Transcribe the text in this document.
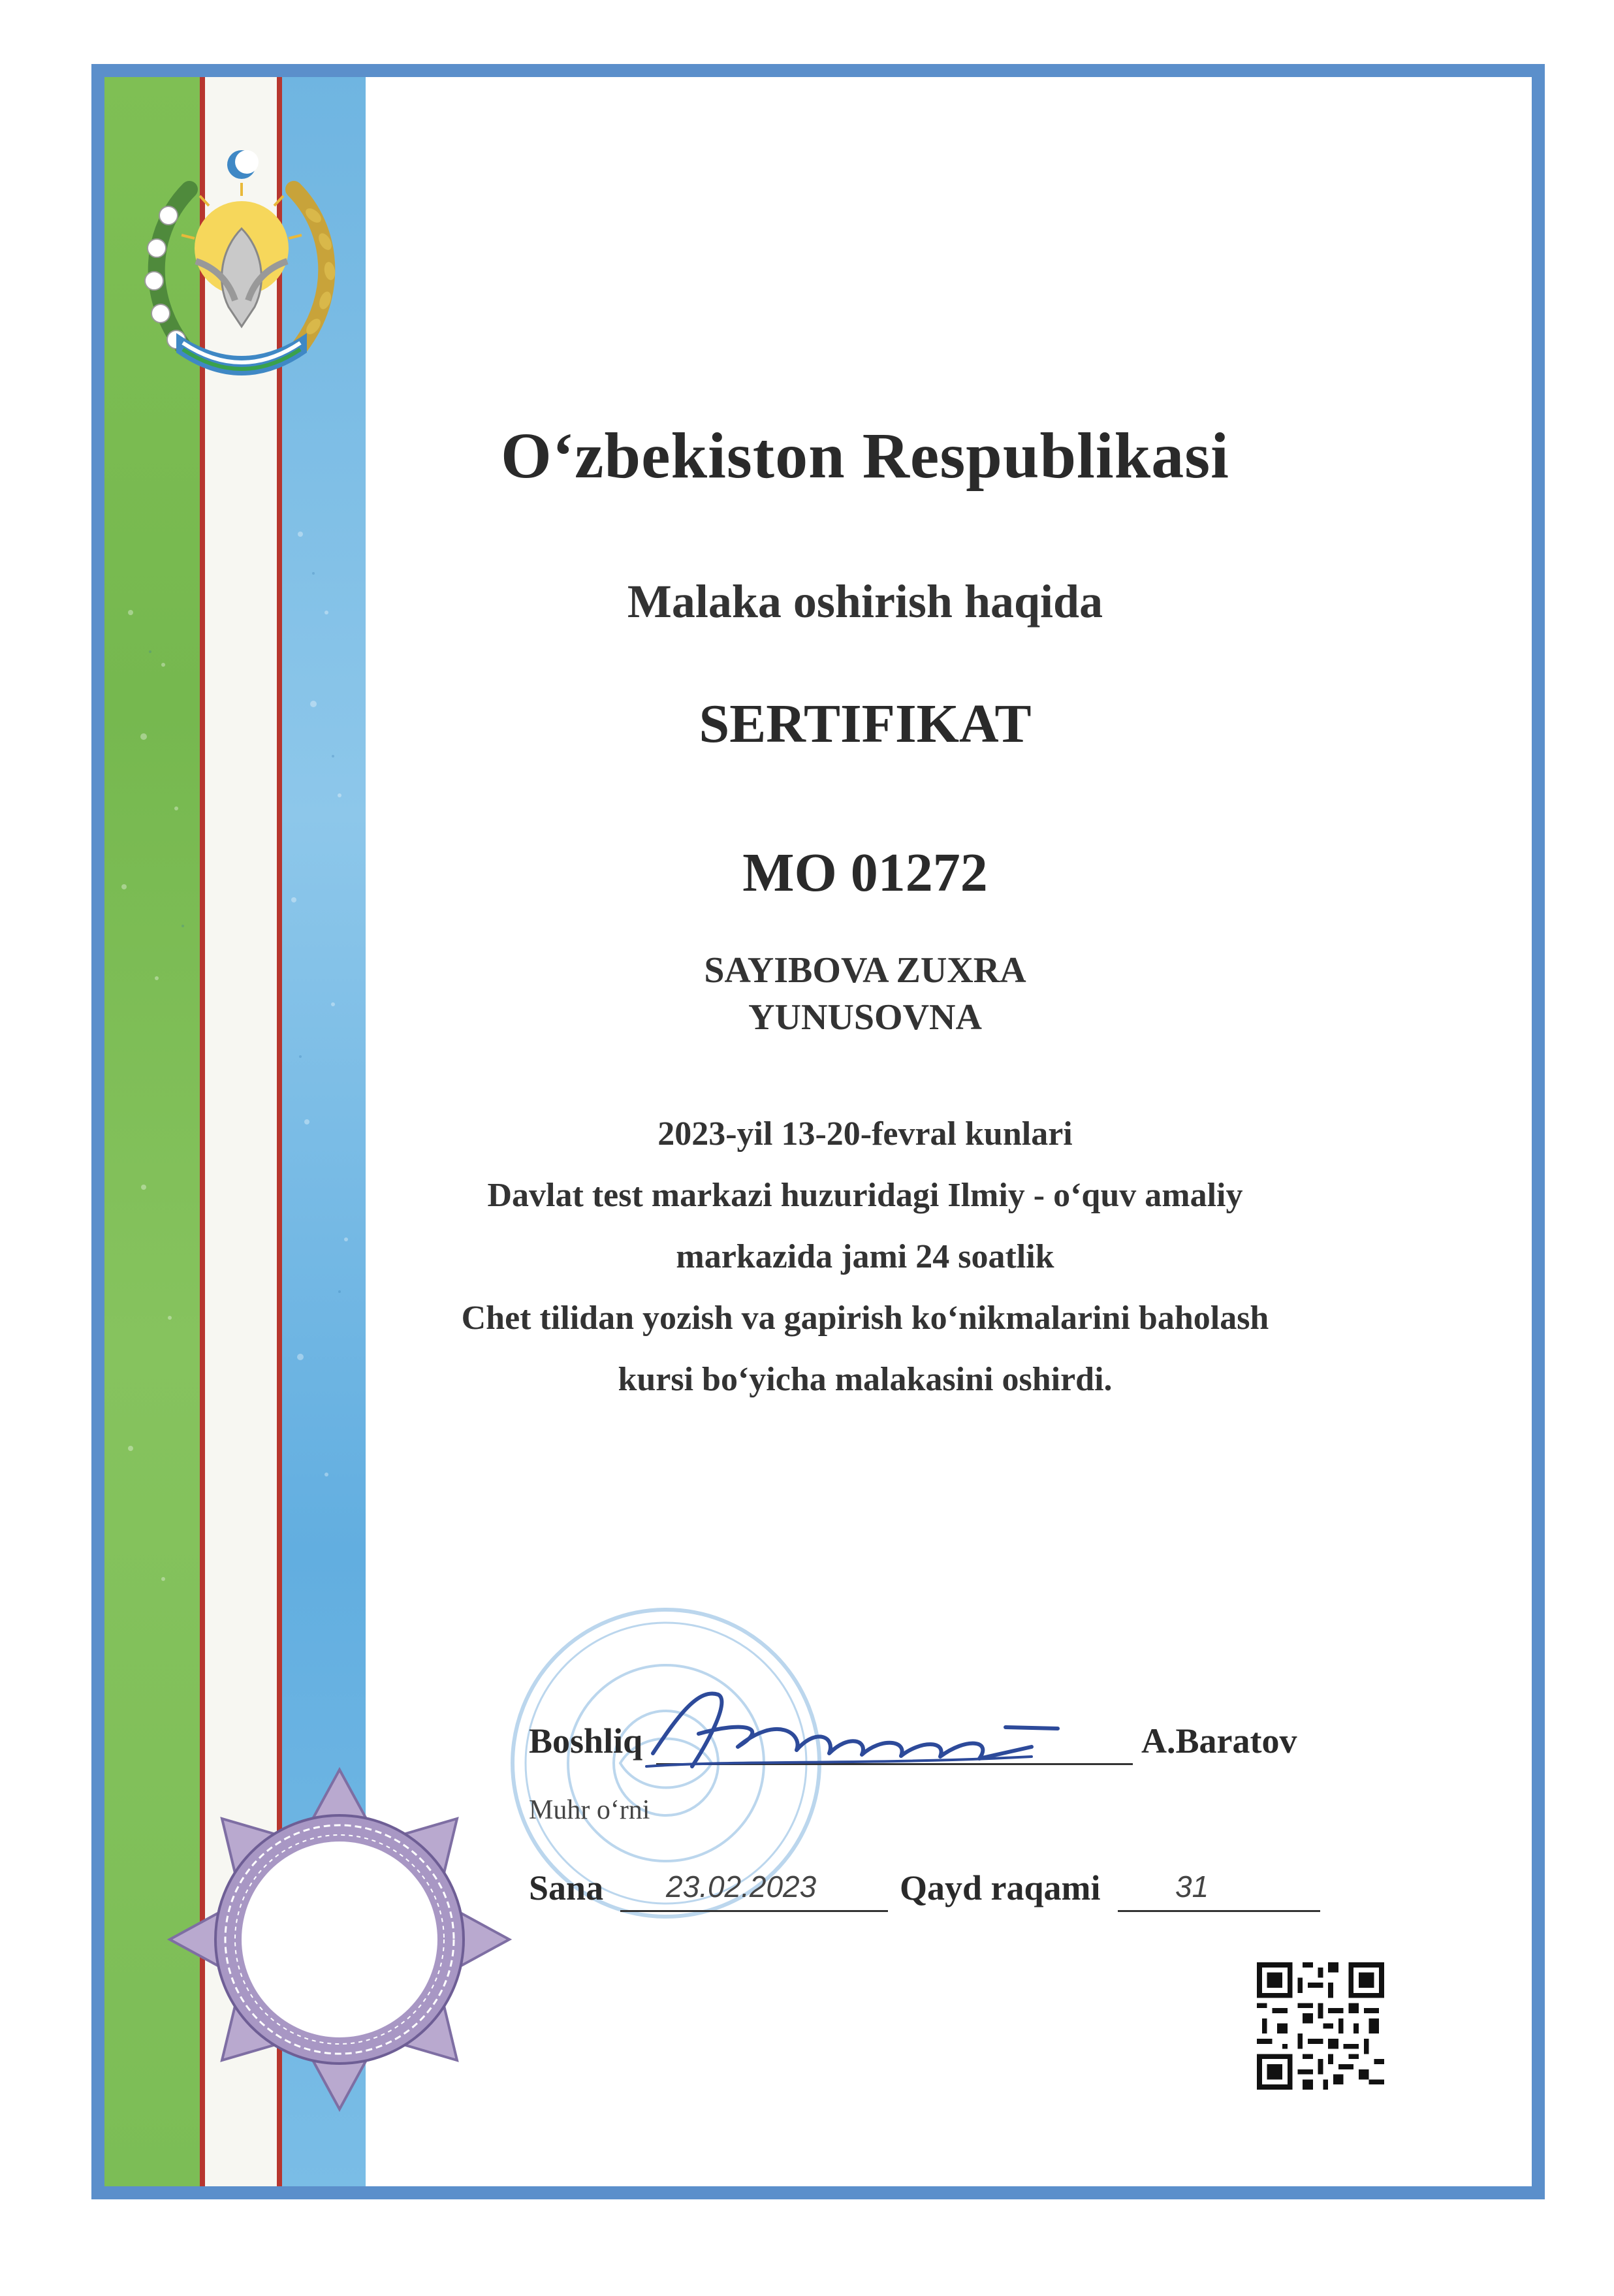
O‘zbekiston Respublikasi
Malaka oshirish haqida
SERTIFIKAT
MO 01272
SAYIBOVA ZUXRA
YUNUSOVNA
2023-yil 13-20-fevral kunlari
Davlat test markazi huzuridagi Ilmiy - o‘quv amaliy
markazida jami 24 soatlik
Chet tilidan yozish va gapirish ko‘nikmalarini baholash
kursi bo‘yicha malakasini oshirdi.
Boshliq	A.Baratov
Muhr o‘rni
Sana 23.02.2023 Qayd raqami 31
